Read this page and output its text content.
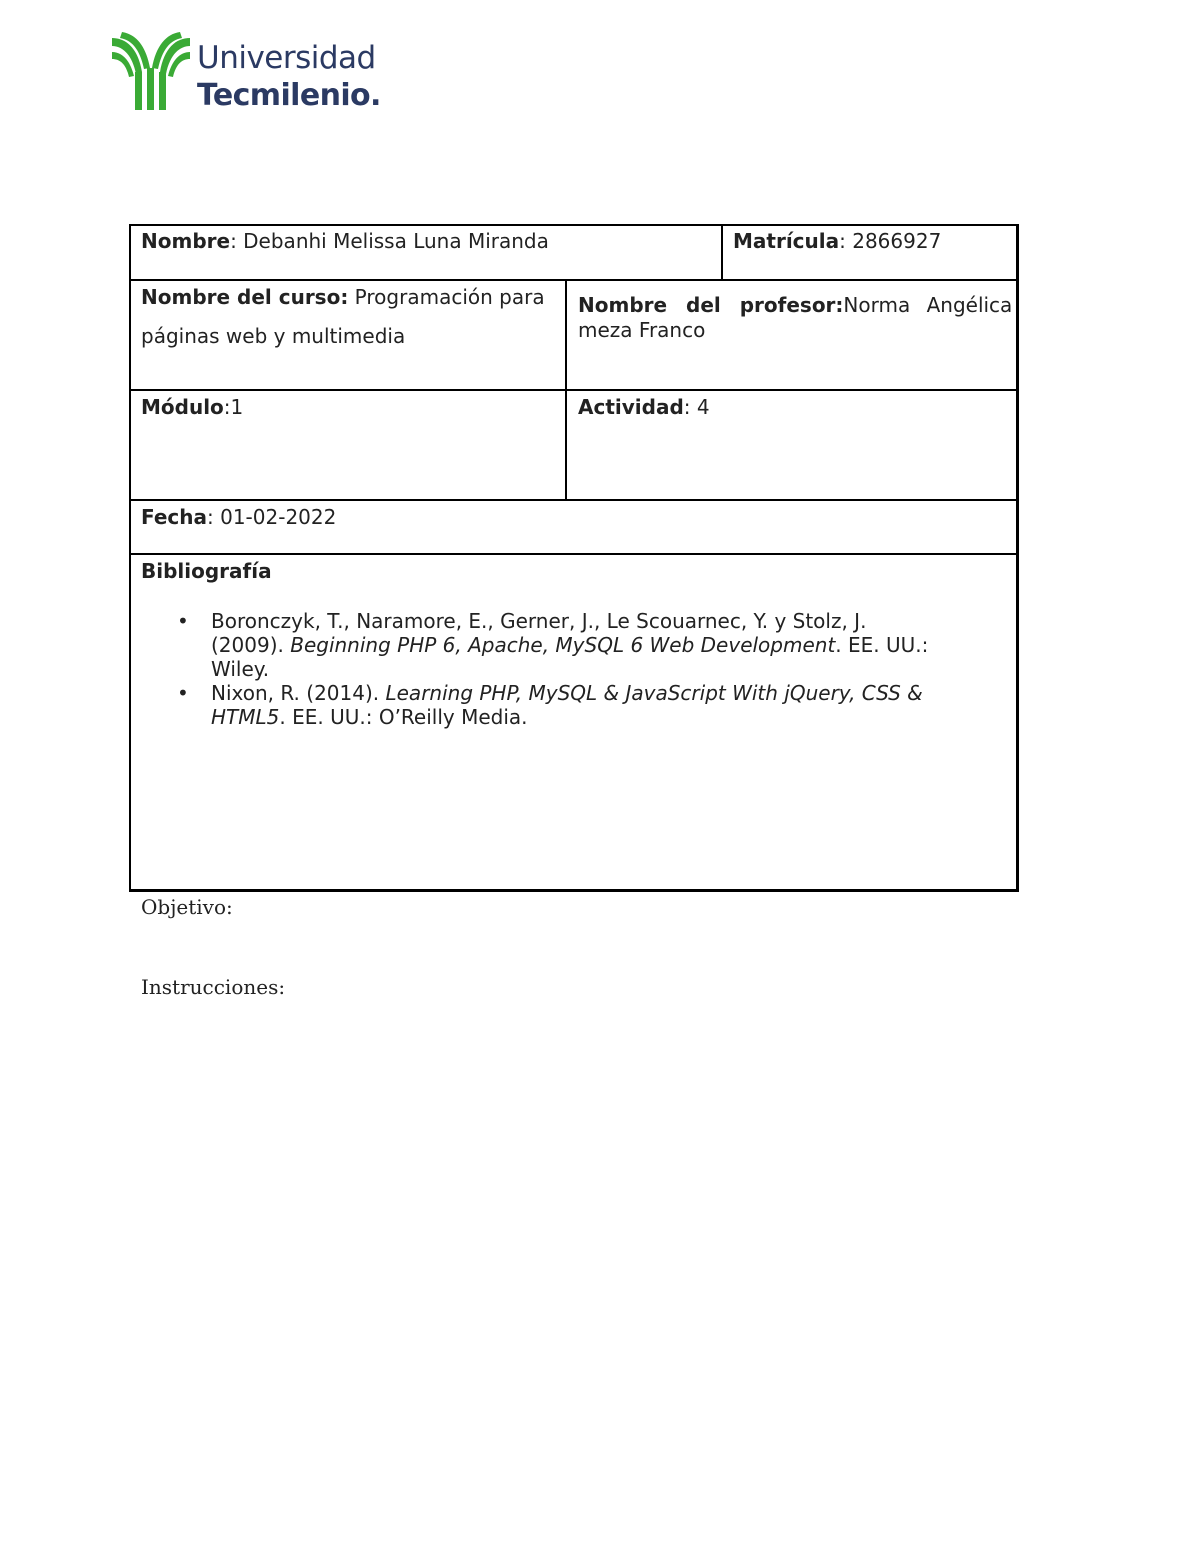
Universidad
Tecmilenio.
Nombre: Debanhi Melissa Luna Miranda	Matrícula: 2866927
Nombre del curso: Programación para
páginas web y multimedia
Nombre del profesor: Norma Angélica
meza Franco
Módulo:1	Actividad: 4
Fecha: 01-02-2022
Bibliografía
• Boronczyk, T., Naramore, E., Gerner, J., Le Scouarnec, Y. y Stolz, J.
(2009). Beginning PHP 6, Apache, MySQL 6 Web Development. EE. UU.:
Wiley.
• Nixon, R. (2014). Learning PHP, MySQL & JavaScript With jQuery, CSS &
HTML5. EE. UU.: O’Reilly Media.
Objetivo:
Instrucciones:
